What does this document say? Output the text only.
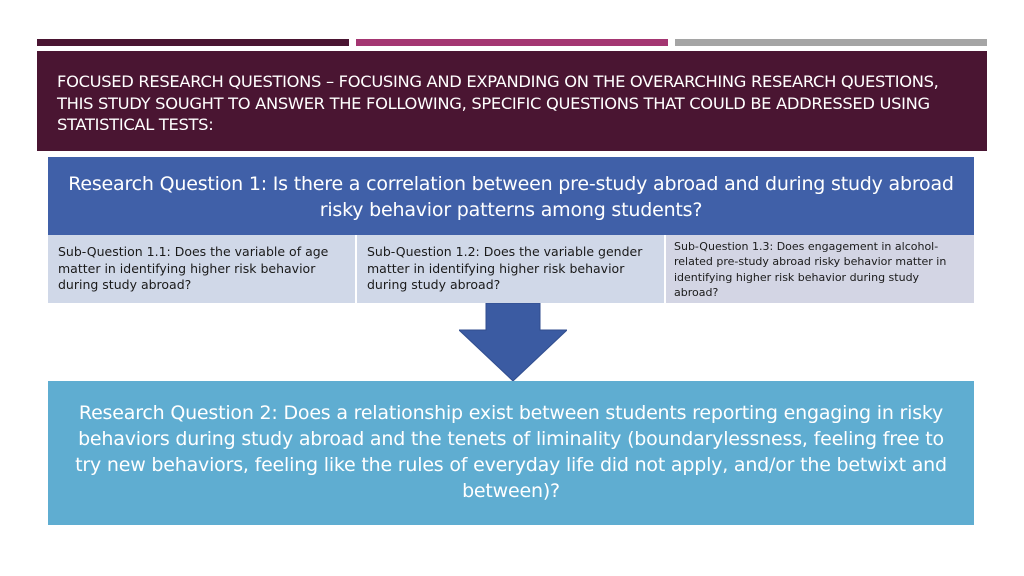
FOCUSED RESEARCH QUESTIONS – FOCUSING AND EXPANDING ON THE OVERARCHING RESEARCH QUESTIONS, THIS STUDY SOUGHT TO ANSWER THE FOLLOWING, SPECIFIC QUESTIONS THAT COULD BE ADDRESSED USING STATISTICAL TESTS:
Research Question 1: Is there a correlation between pre-study abroad and during study abroad risky behavior patterns among students?
Sub-Question 1.1: Does the variable of age matter in identifying higher risk behavior during study abroad?
Sub-Question 1.2: Does the variable gender matter in identifying higher risk behavior during study abroad?
Sub-Question 1.3: Does engagement in alcohol-related pre-study abroad risky behavior matter in identifying higher risk behavior during study abroad?
Research Question 2: Does a relationship exist between students reporting engaging in risky behaviors during study abroad and the tenets of liminality (boundarylessness, feeling free to try new behaviors, feeling like the rules of everyday life did not apply, and/or the betwixt and between)?
